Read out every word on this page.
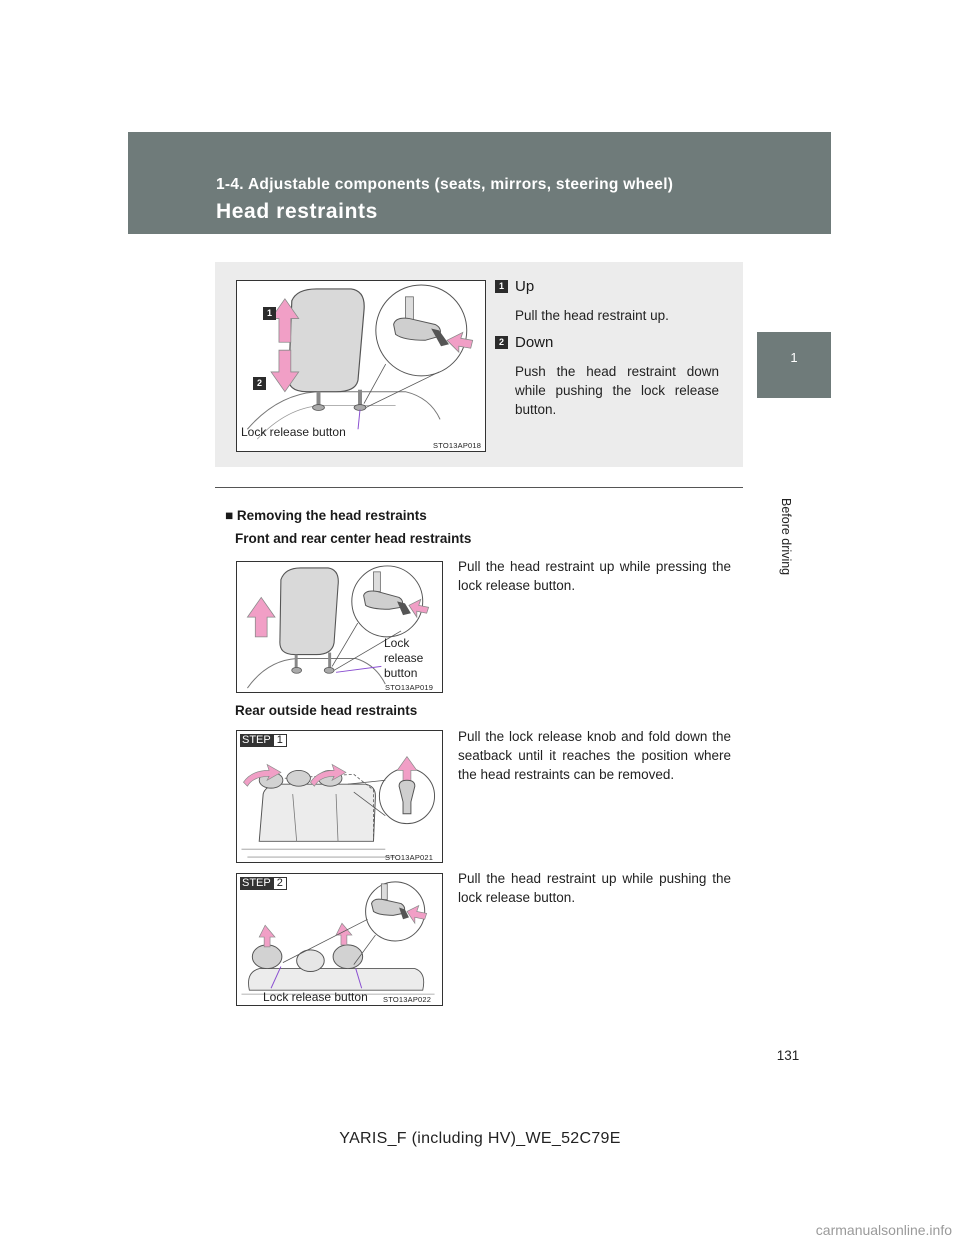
1-4. Adjustable components (seats, mirrors, steering wheel)
Head restraints
1
Before driving
1
2
Lock release button
STO13AP018
1 Up
Pull the head restraint up.
2 Down
Push the head restraint down while pushing the lock release button.
■ Removing the head restraints
Front and rear center head restraints
Lock release button
STO13AP019
Pull the head restraint up while pressing the lock release button.
Rear outside head restraints
STEP 1
STO13AP021
Pull the lock release knob and fold down the seatback until it reaches the position where the head restraints can be removed.
STEP 2
Lock release button STO13AP022
Pull the head restraint up while pushing the lock release button.
131
YARIS_F (including HV)_WE_52C79E
carmanualsonline.info
